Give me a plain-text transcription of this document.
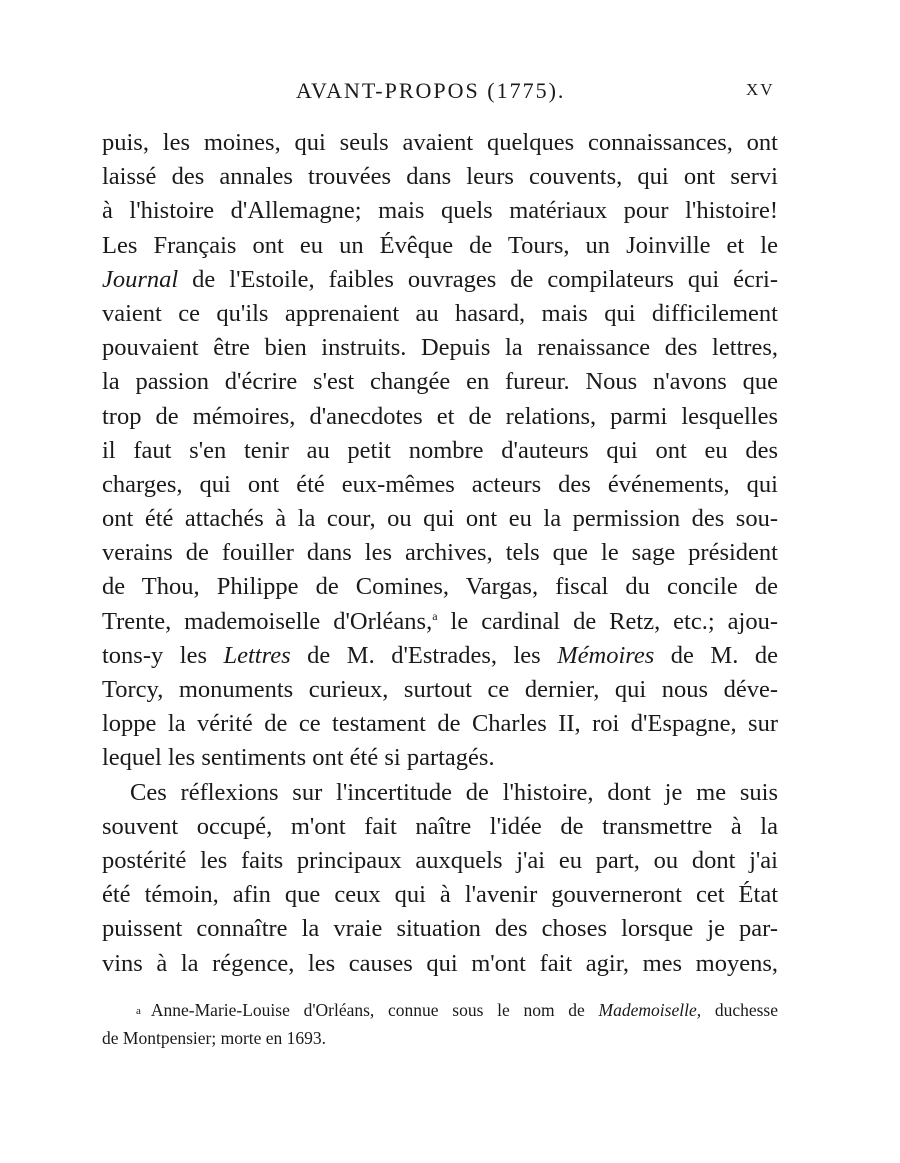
AVANT-PROPOS (1775).	XV
puis, les moines, qui seuls avaient quelques connaissances, ont
laissé des annales trouvées dans leurs couvents, qui ont servi
à l'histoire d'Allemagne; mais quels matériaux pour l'histoire!
Les Français ont eu un Évêque de Tours, un Joinville et le
Journal de l'Estoile, faibles ouvrages de compilateurs qui écri-
vaient ce qu'ils apprenaient au hasard, mais qui difficilement
pouvaient être bien instruits. Depuis la renaissance des lettres,
la passion d'écrire s'est changée en fureur. Nous n'avons que
trop de mémoires, d'anecdotes et de relations, parmi lesquelles
il faut s'en tenir au petit nombre d'auteurs qui ont eu des
charges, qui ont été eux-mêmes acteurs des événements, qui
ont été attachés à la cour, ou qui ont eu la permission des sou-
verains de fouiller dans les archives, tels que le sage président
de Thou, Philippe de Comines, Vargas, fiscal du concile de
Trente, mademoiselle d'Orléans,$^a$ le cardinal de Retz, etc.; ajou-
tons-y les Lettres de M. d'Estrades, les Mémoires de M. de
Torcy, monuments curieux, surtout ce dernier, qui nous déve-
loppe la vérité de ce testament de Charles II, roi d'Espagne, sur
lequel les sentiments ont été si partagés.
Ces réflexions sur l'incertitude de l'histoire, dont je me suis
souvent occupé, m'ont fait naître l'idée de transmettre à la
postérité les faits principaux auxquels j'ai eu part, ou dont j'ai
été témoin, afin que ceux qui à l'avenir gouverneront cet État
puissent connaître la vraie situation des choses lorsque je par-
vins à la régence, les causes qui m'ont fait agir, mes moyens,
a Anne-Marie-Louise d'Orléans, connue sous le nom de Mademoiselle, duchesse
de Montpensier; morte en 1693.
